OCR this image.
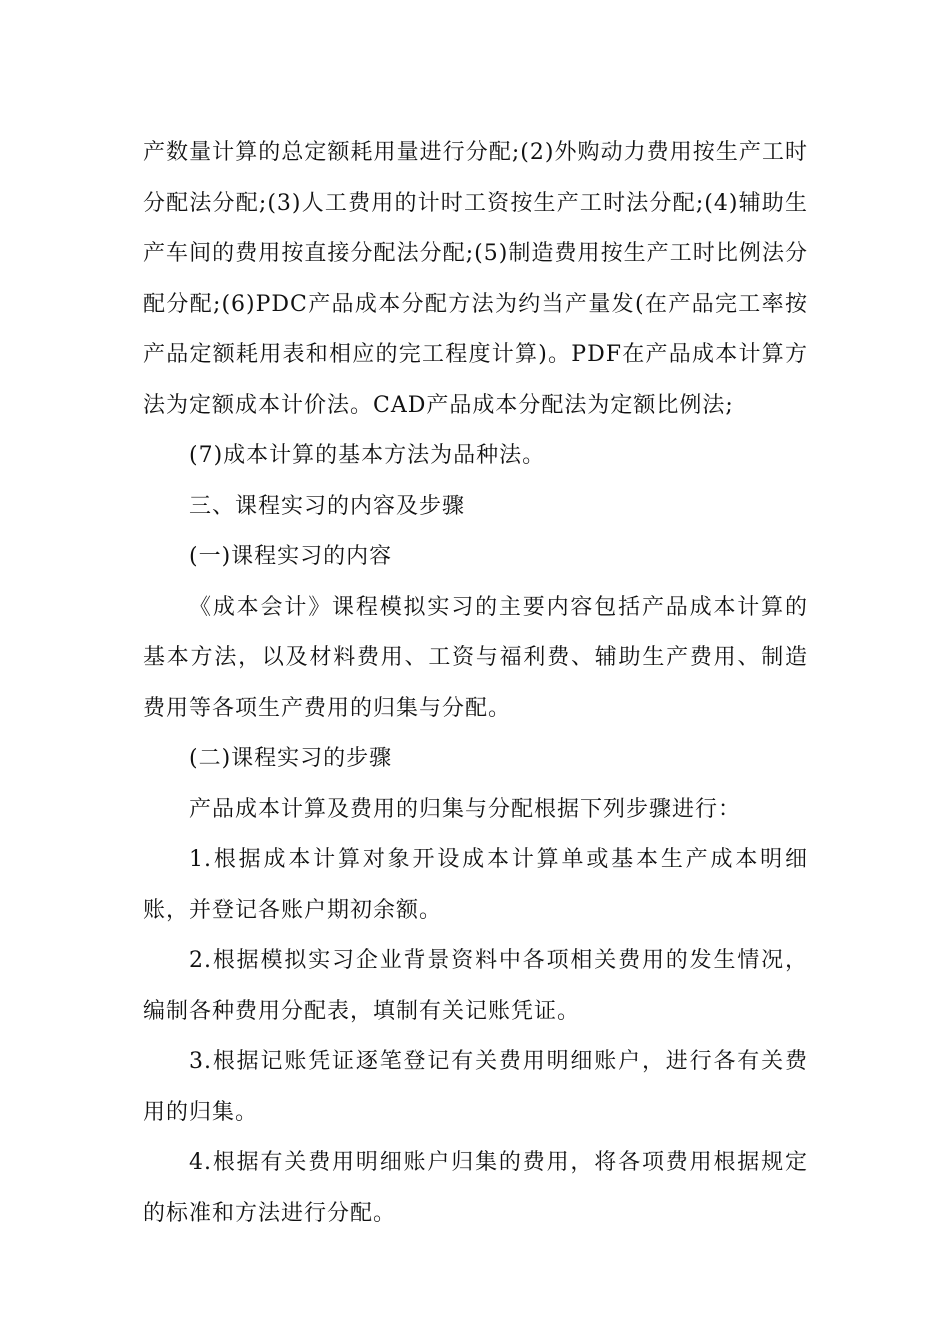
产数量计算的总定额耗用量进行分配;(2)外购动力费用按生产工时分配法分配;(3)人工费用的计时工资按生产工时法分配;(4)辅助生产车间的费用按直接分配法分配;(5)制造费用按生产工时比例法分配分配;(6)PDC产品成本分配方法为约当产量发(在产品完工率按产品定额耗用表和相应的完工程度计算)。PDF在产品成本计算方法为定额成本计价法。CAD产品成本分配法为定额比例法;

(7)成本计算的基本方法为品种法。

三、课程实习的内容及步骤

(一)课程实习的内容

《成本会计》课程模拟实习的主要内容包括产品成本计算的基本方法，以及材料费用、工资与福利费、辅助生产费用、制造费用等各项生产费用的归集与分配。

(二)课程实习的步骤

产品成本计算及费用的归集与分配根据下列步骤进行：

1.根据成本计算对象开设成本计算单或基本生产成本明细账，并登记各账户期初余额。

2.根据模拟实习企业背景资料中各项相关费用的发生情况，编制各种费用分配表，填制有关记账凭证。

3.根据记账凭证逐笔登记有关费用明细账户，进行各有关费用的归集。

4.根据有关费用明细账户归集的费用，将各项费用根据规定的标准和方法进行分配。
